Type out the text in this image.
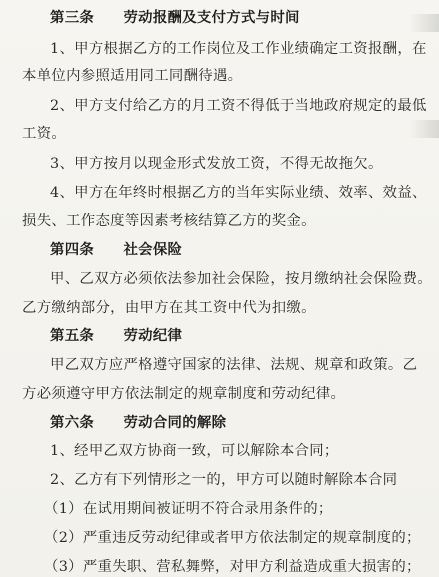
第三条　　劳动报酬及支付方式与时间
1、甲方根据乙方的工作岗位及工作业绩确定工资报酬，在
本单位内参照适用同工同酬待遇。
2、甲方支付给乙方的月工资不得低于当地政府规定的最低
工资。
3、甲方按月以现金形式发放工资，不得无故拖欠。
4、甲方在年终时根据乙方的当年实际业绩、效率、效益、
损失、工作态度等因素考核结算乙方的奖金。
第四条　　社会保险
甲、乙双方必须依法参加社会保险，按月缴纳社会保险费。
乙方缴纳部分，由甲方在其工资中代为扣缴。
第五条　　劳动纪律
甲乙双方应严格遵守国家的法律、法规、规章和政策。乙
方必须遵守甲方依法制定的规章制度和劳动纪律。
第六条　　劳动合同的解除
1、经甲乙双方协商一致，可以解除本合同；
2、乙方有下列情形之一的，甲方可以随时解除本合同
（1）在试用期间被证明不符合录用条件的；
（2）严重违反劳动纪律或者甲方依法制定的规章制度的；
（3）严重失职、营私舞弊，对甲方利益造成重大损害的；
